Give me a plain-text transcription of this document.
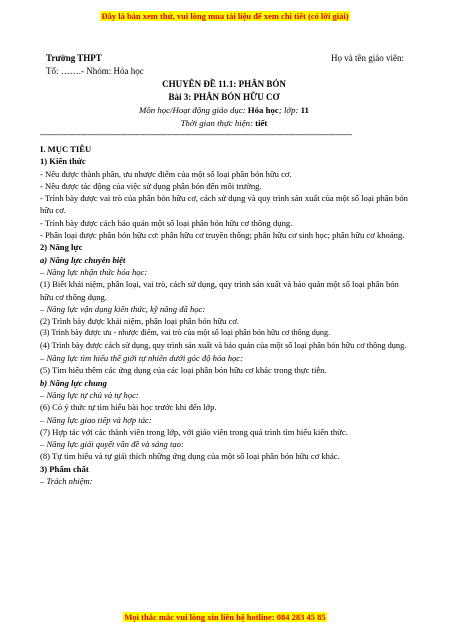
Đây là bản xem thử, vui lòng mua tài liệu để xem chi tiết (có lời giải)
Trường THPT	Họ và tên giáo viên:
Tổ: …….- Nhóm: Hóa học
CHUYÊN ĐỀ 11.1: PHÂN BÓN
Bài 3: PHÂN BÓN HỮU CƠ
Môn học/Hoạt động giáo dục: Hóa học; lớp: 11
Thời gian thực hiện: tiết
------------------------------------------------------------------------------------------------------------------------------------

I. MỤC TIÊU

1) Kiến thức

- Nêu được thành phần, ưu nhược điểm của một số loại phân bón hữu cơ.

- Nêu được tác động của việc sử dụng phân bón đến môi trường.

- Trình bày được vai trò của phân bón hữu cơ, cách sử dụng và quy trình sản xuất của một số loại phân bón hữu cơ.

- Trình bày được cách bảo quản một số loại phân bón hữu cơ thông dụng.

- Phân loại được phân bón hữu cơ: phân hữu cơ truyền thống; phân hữu cơ sinh học; phân hữu cơ khoáng.

2) Năng lực

a) Năng lực chuyên biệt

– Năng lực nhận thức hóa học:

(1) Biết khái niệm, phân loại, vai trò, cách sử dụng, quy trình sản xuất và bảo quản một số loại phân bón hữu cơ thông dụng.

– Năng lực vận dụng kiến thức, kỹ năng đã học:

(2) Trình bày được khái niệm, phân loại phân bón hữu cơ.

(3) Trình bày được ưu - nhược điểm, vai trò của một số loại phân bón hữu cơ thông dụng.

(4) Trình bày được cách sử dụng, quy trình sản xuất và bảo quản của một số loại phân bón hữu cơ thông dụng.

– Năng lực tìm hiểu thế giới tự nhiên dưới góc độ hóa học:

(5) Tìm hiểu thêm các ứng dụng của các loại phân bón hữu cơ khác trong thực tiễn.

b) Năng lực chung

– Năng lực tự chủ và tự học:

(6) Có ý thức tự tìm hiểu bài học trước khi đến lớp.

– Năng lực giao tiếp và hợp tác:

(7) Hợp tác với các thành viên trong lớp, với giáo viên trong quá trình tìm hiểu kiến thức.

– Năng lực giải quyết vấn đề và sáng tạo:

(8) Tự tìm hiểu và tự giải thích những ứng dụng của một số loại phân bón hữu cơ khác.

3) Phẩm chất

– Trách nhiệm:

Mọi thắc mắc vui lòng xin liên hệ hotline: 084 283 45 85
